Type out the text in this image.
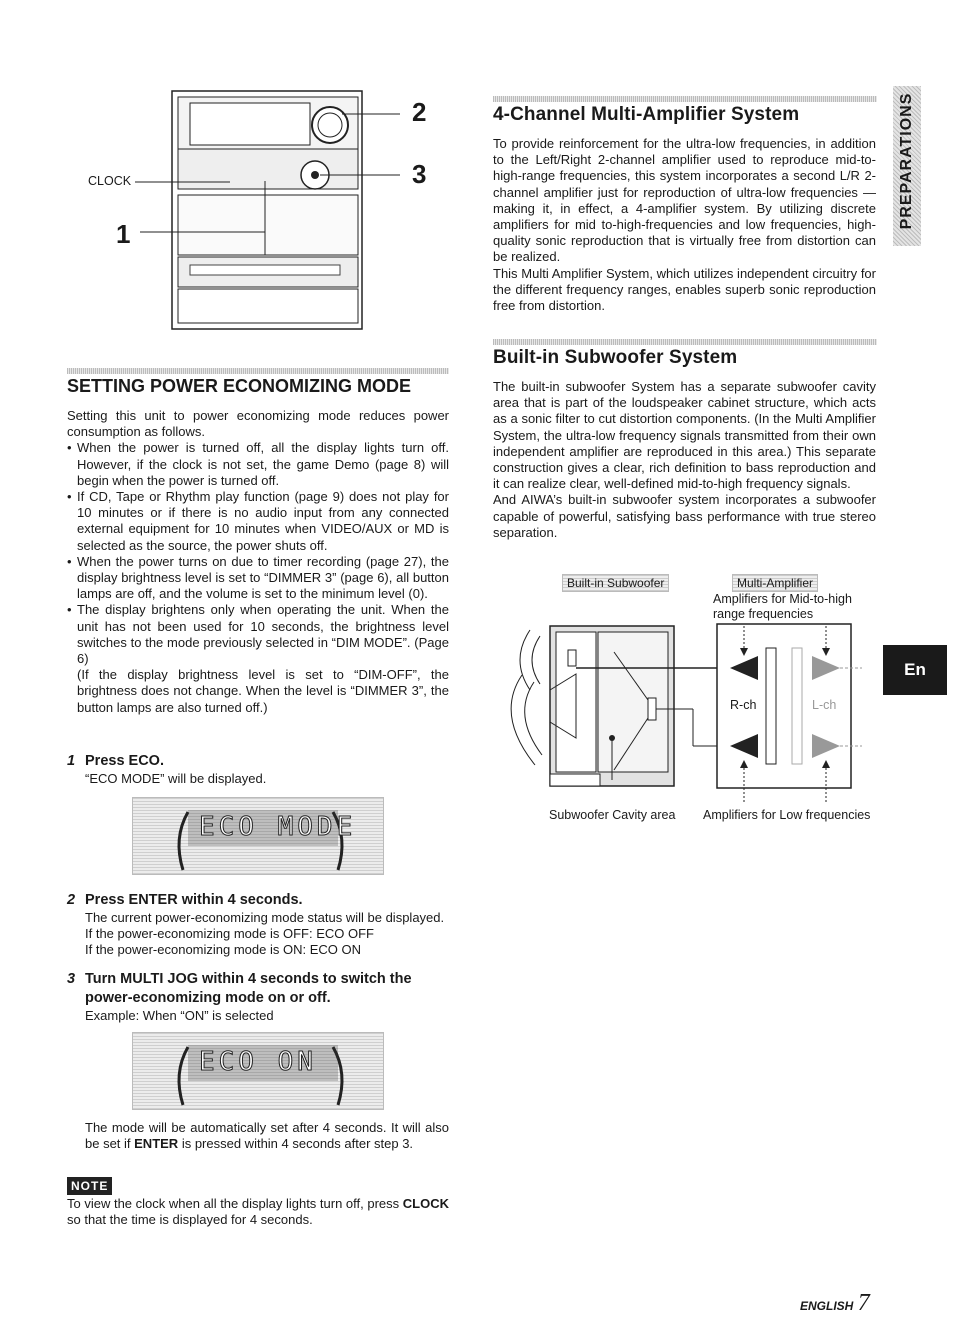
CLOCK
1
2
3
SETTING POWER ECONOMIZING MODE

Setting this unit to power economizing mode reduces power consumption as follows.

• When the power is turned off, all the display lights turn off. However, if the clock is not set, the game Demo (page 8) will begin when the power is turned off.

• If CD, Tape or Rhythm play function (page 9) does not play for 10 minutes or if there is no audio input from any connected external equipment for 10 minutes when VIDEO/AUX or MD is selected as the source, the power shuts off.

• When the power turns on due to timer recording (page 27), the display brightness level is set to “DIMMER 3” (page 6), all button lamps are off, and the volume is set to the minimum level (0).

• The display brightens only when operating the unit. When the unit has not been used for 10 seconds, the brightness level switches to the mode previously selected in “DIM MODE”. (Page 6)

(If the display brightness level is set to “DIM-OFF”, the brightness does not change. When the level is “DIMMER 3”, the button lamps are also turned off.)

1 Press ECO.

“ECO MODE” will be displayed.

ECO MODE

2 Press ENTER within 4 seconds.

The current power-economizing mode status will be displayed.

If the power-economizing mode is OFF: ECO OFF

If the power-economizing mode is ON: ECO ON

3 Turn MULTI JOG within 4 seconds to switch the power-economizing mode on or off.

Example: When “ON” is selected

ECO ON

The mode will be automatically set after 4 seconds. It will also be set if ENTER is pressed within 4 seconds after step 3.

NOTE

To view the clock when all the display lights turn off, press CLOCK so that the time is displayed for 4 seconds.

4-Channel Multi-Amplifier System

To provide reinforcement for the ultra-low frequencies, in addition to the Left/Right 2-channel amplifier used to reproduce mid-to-high-range frequencies, this system incorporates a second L/R 2-channel amplifier just for reproduction of ultra-low frequencies — making it, in effect, a 4-amplifier system. By utilizing discrete amplifiers for mid to-high-frequencies and low frequencies, high-quality sonic reproduction that is virtually free from distortion can be realized.

This Multi Amplifier System, which utilizes independent circuitry for the different frequency ranges, enables superb sonic reproduction free from distortion.

Built-in Subwoofer System

The built-in subwoofer System has a separate subwoofer cavity area that is part of the loudspeaker cabinet structure, which acts as a sonic filter to cut distortion components. (In the Multi Amplifier System, the ultra-low frequency signals transmitted from their own independent amplifier are reproduced in this area.) This separate construction gives a clear, rich definition to bass reproduction and it can realize clear, well-defined mid-to-high frequency signals.

And AIWA’s built-in subwoofer system incorporates a subwoofer capable of powerful, satisfying bass performance with true stereo separation.

Built-in Subwoofer	Multi-Amplifier
Amplifiers for Mid-to-high range frequencies
R-ch	L-ch
Subwoofer Cavity area Amplifiers for Low frequencies
PREPARATIONS
En
ENGLISH 7
